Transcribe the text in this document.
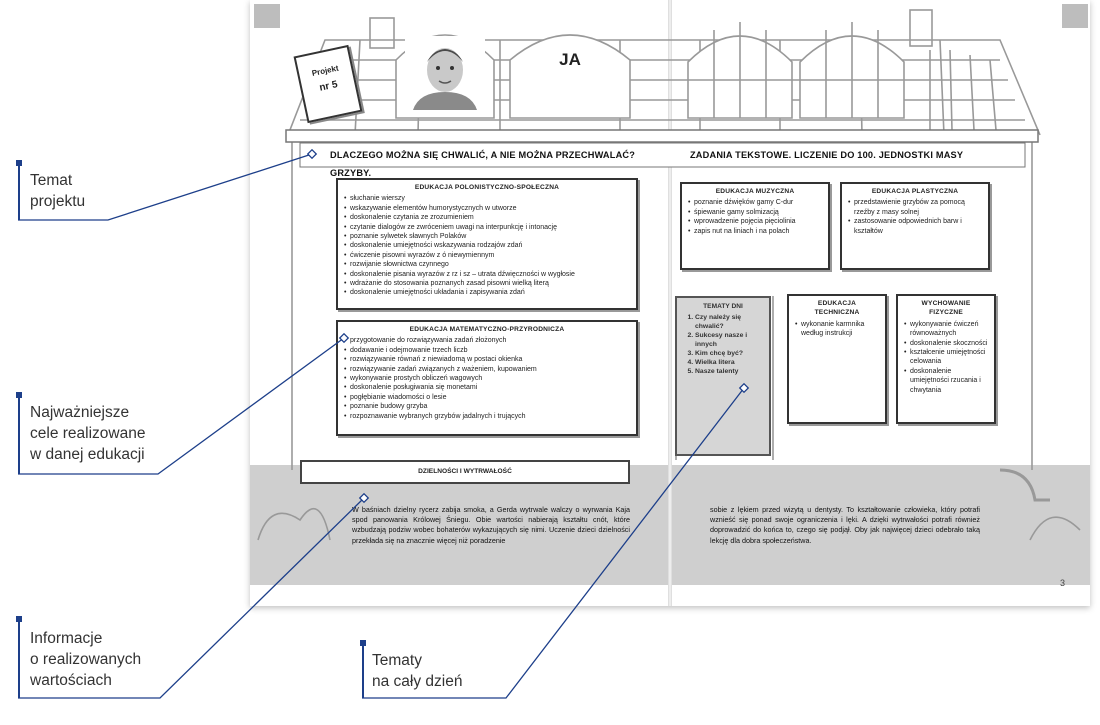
Temat
projektu
Najważniejsze
cele realizowane
w danej edukacji
Informacje
o realizowanych
wartościach
Tematy
na cały dzień
JA
Projekt
nr 5
DLACZEGO MOŻNA SIĘ CHWALIĆ, A NIE MOŻNA PRZECHWALAĆ? GRZYBY.
ZADANIA TEKSTOWE. LICZENIE DO 100. JEDNOSTKI MASY
EDUKACJA POLONISTYCZNO-SPOŁECZNA
• słuchanie wierszy
• wskazywanie elementów humorystycznych w utworze
• doskonalenie czytania ze zrozumieniem
• czytanie dialogów ze zwróceniem uwagi na interpunkcję i intonację
• poznanie sylwetek sławnych Polaków
• doskonalenie umiejętności wskazywania rodzajów zdań
• ćwiczenie pisowni wyrazów z ó niewymiennym
• rozwijanie słownictwa czynnego
• doskonalenie pisania wyrazów z rz i sz – utrata dźwięczności w wygłosie
• wdrażanie do stosowania poznanych zasad pisowni wielką literą
• doskonalenie umiejętności układania i zapisywania zdań
EDUKACJA MATEMATYCZNO-PRZYRODNICZA
• przygotowanie do rozwiązywania zadań złożonych
• dodawanie i odejmowanie trzech liczb
• rozwiązywanie równań z niewiadomą w postaci okienka
• rozwiązywanie zadań związanych z ważeniem, kupowaniem
• wykonywanie prostych obliczeń wagowych
• doskonalenie posługiwania się monetami
• pogłębianie wiadomości o lesie
• poznanie budowy grzyba
• rozpoznawanie wybranych grzybów jadalnych i trujących
EDUKACJA MUZYCZNA
• poznanie dźwięków gamy C-dur
• śpiewanie gamy solmizacją
• wprowadzenie pojęcia pięciolinia
• zapis nut na liniach i na polach
EDUKACJA PLASTYCZNA
• przedstawienie grzybów za pomocą rzeźby z masy solnej
• zastosowanie odpowiednich barw i kształtów
TEMATY DNI
1. Czy należy się chwalić?
2. Sukcesy nasze i innych
3. Kim chcę być?
4. Wielka litera
5. Nasze talenty
EDUKACJA TECHNICZNA
• wykonanie karmnika według instrukcji
WYCHOWANIE FIZYCZNE
• wykonywanie ćwiczeń równoważnych
• doskonalenie skoczności
• kształcenie umiejętności celowania
• doskonalenie umiejętności rzucania i chwytania
DZIELNOŚCI I WYTRWAŁOŚĆ
W baśniach dzielny rycerz zabija smoka, a Gerda wytrwale walczy o wyrwania Kaja spod panowania Królowej Śniegu. Obie wartości nabierają kształtu cnót, które wzbudzają podziw wobec bohaterów wykazujących się nimi. Uczenie dzieci dzielności przekłada się na znacznie więcej niż poradzenie
sobie z lękiem przed wizytą u dentysty. To kształtowanie człowieka, który potrafi wznieść się ponad swoje ograniczenia i lęki. A dzięki wytrwałości potrafi również doprowadzić do końca to, czego się podjął. Oby jak najwięcej dzieci odebrało taką lekcję dla dobra społeczeństwa.
3
